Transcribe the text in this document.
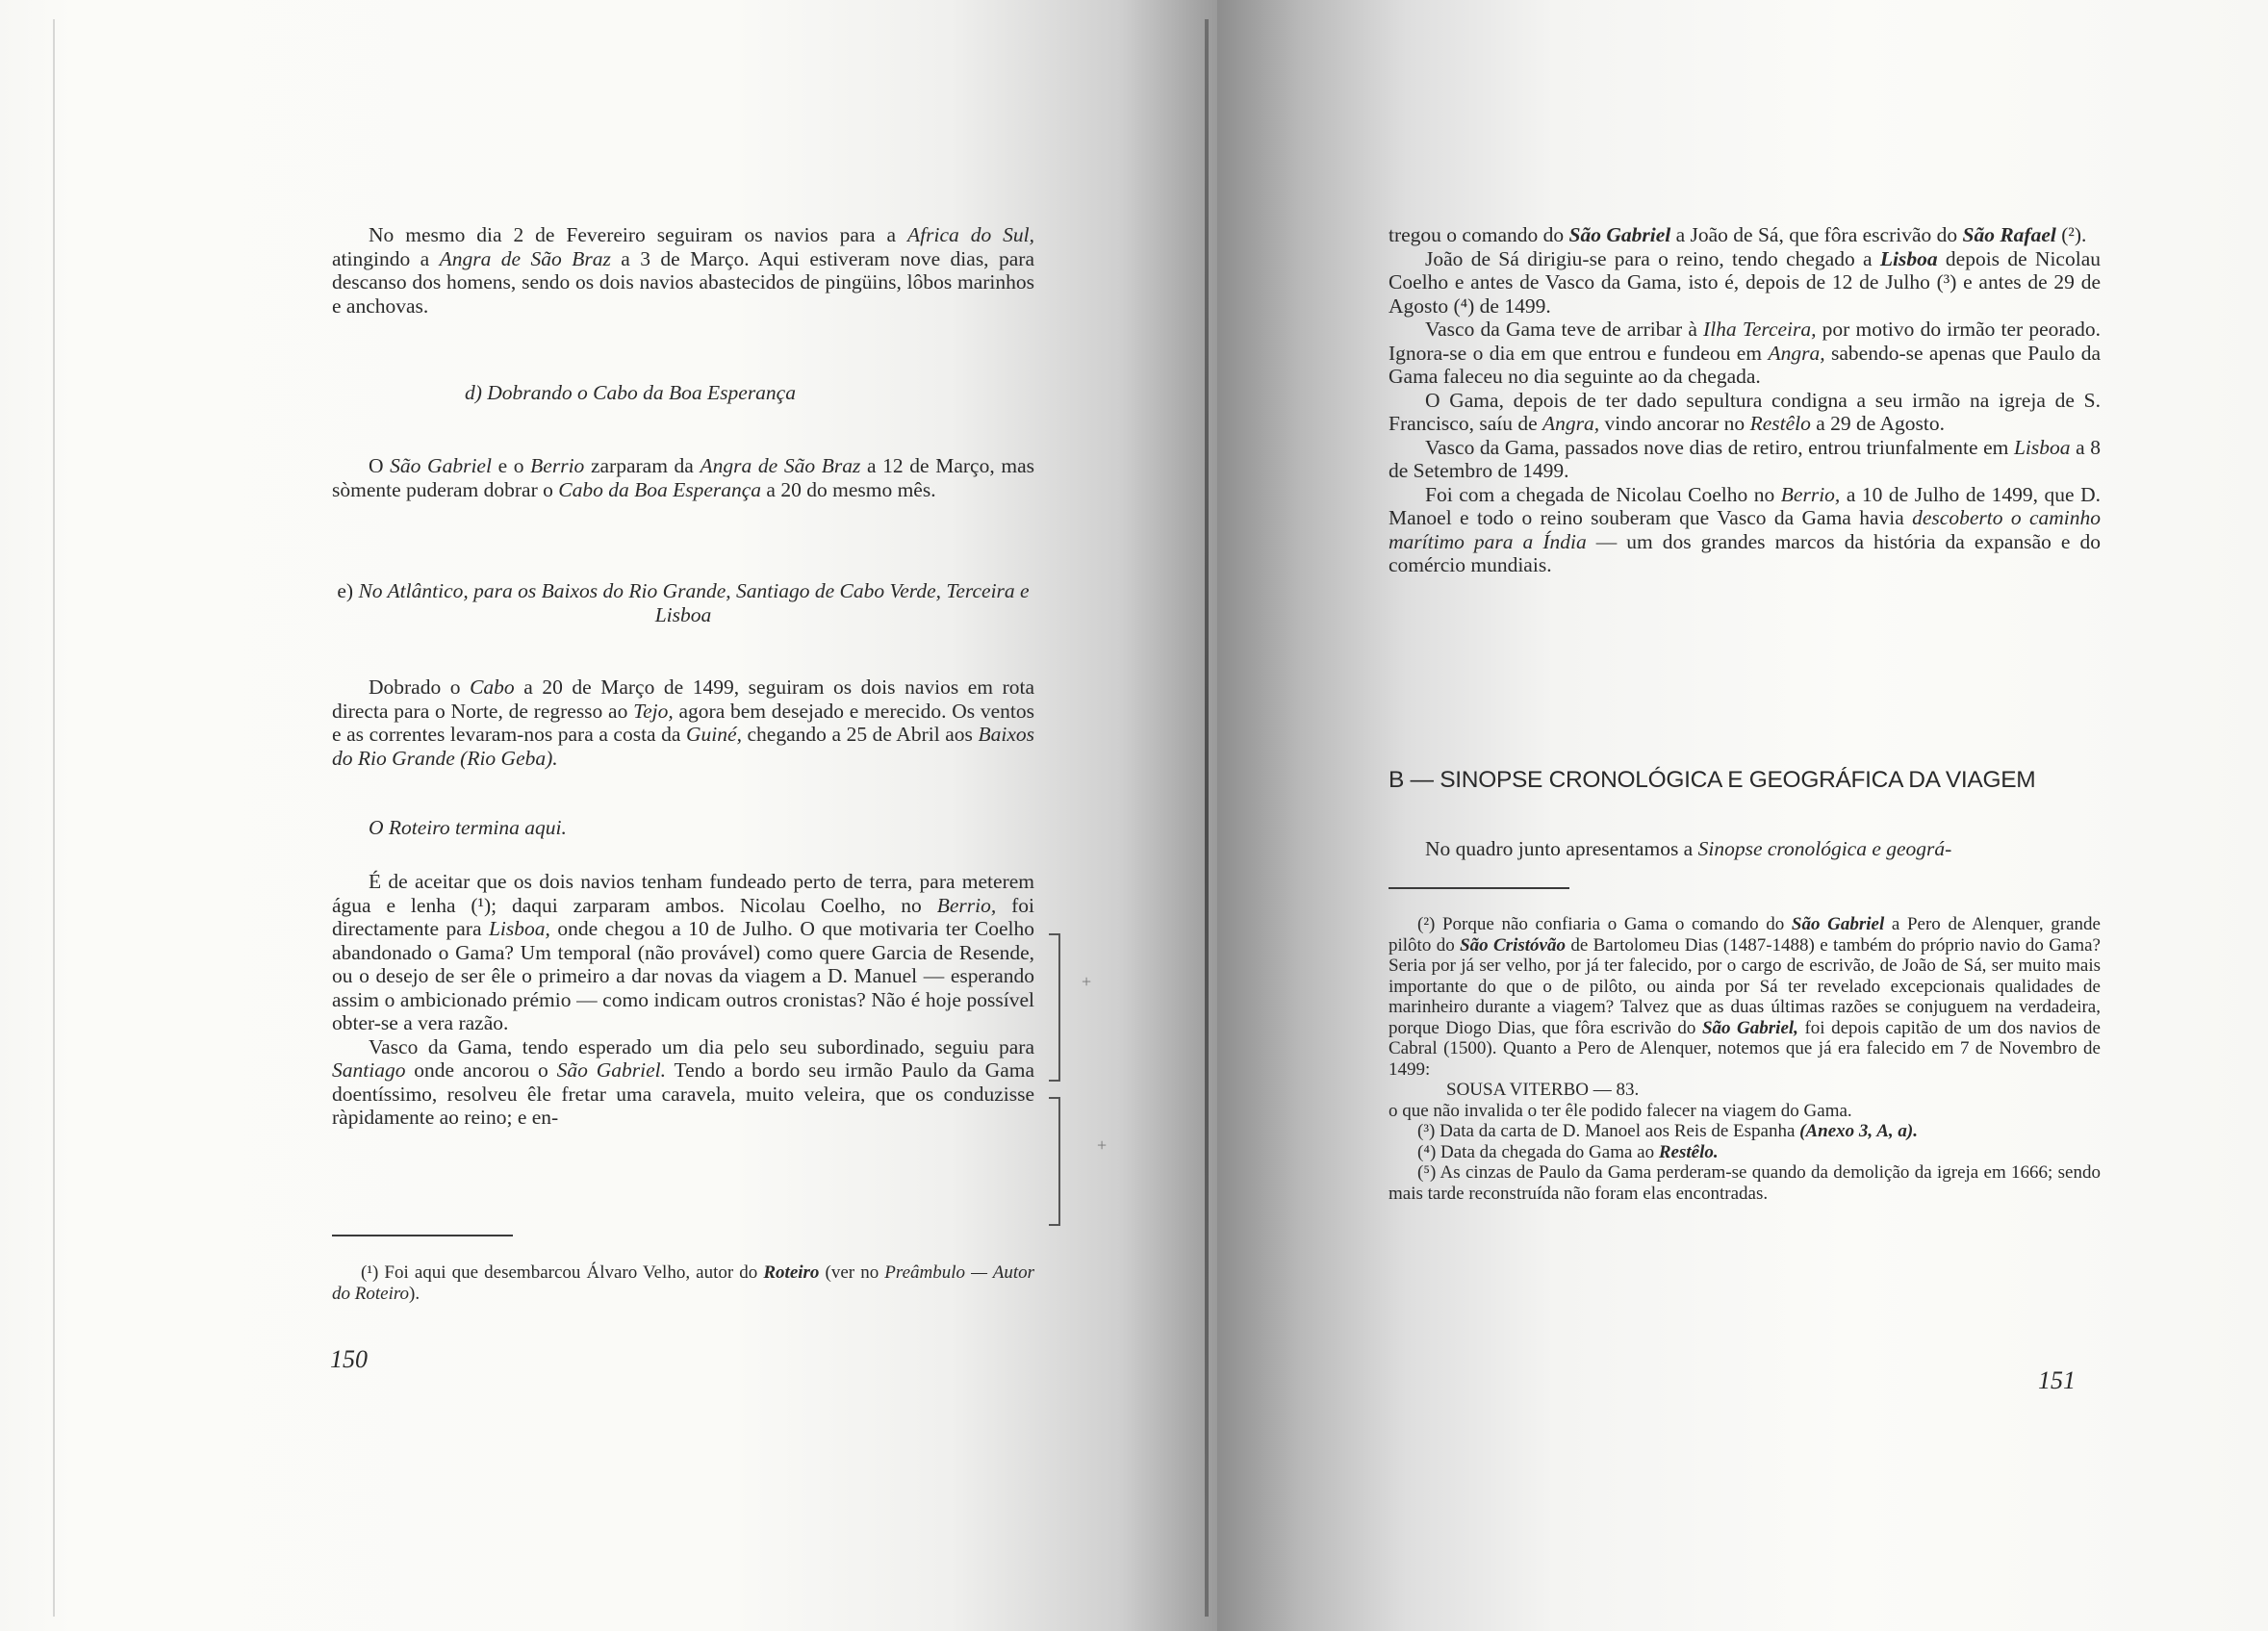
No mesmo dia 2 de Fevereiro seguiram os navios para a Africa do Sul, atingindo a Angra de São Braz a 3 de Março. Aqui estiveram nove dias, para descanso dos homens, sendo os dois navios abastecidos de pingüins, lôbos marinhos e anchovas.

d) Dobrando o Cabo da Boa Esperança

O São Gabriel e o Berrio zarparam da Angra de São Braz a 12 de Março, mas sòmente puderam dobrar o Cabo da Boa Esperança a 20 do mesmo mês.

e) No Atlântico, para os Baixos do Rio Grande, Santiago de Cabo Verde, Terceira e Lisboa

Dobrado o Cabo a 20 de Março de 1499, seguiram os dois navios em rota directa para o Norte, de regresso ao Tejo, agora bem desejado e merecido. Os ventos e as correntes levaram-nos para a costa da Guiné, chegando a 25 de Abril aos Baixos do Rio Grande (Rio Geba).

O Roteiro termina aqui.

É de aceitar que os dois navios tenham fundeado perto de terra, para meterem água e lenha (¹); daqui zarparam ambos. Nicolau Coelho, no Berrio, foi directamente para Lisboa, onde chegou a 10 de Julho. O que motivaria ter Coelho abandonado o Gama? Um temporal (não provável) como quere Garcia de Resende, ou o desejo de ser êle o primeiro a dar novas da viagem a D. Manuel — esperando assim o ambicionado prémio — como indicam outros cronistas? Não é hoje possível obter-se a vera razão.

Vasco da Gama, tendo esperado um dia pelo seu subordinado, seguiu para Santiago onde ancorou o São Gabriel. Tendo a bordo seu irmão Paulo da Gama doentíssimo, resolveu êle fretar uma caravela, muito veleira, que os conduzisse ràpidamente ao reino; e en-

+
+

(¹) Foi aqui que desembarcou Álvaro Velho, autor do Roteiro (ver no Preâmbulo — Autor do Roteiro).

150

tregou o comando do São Gabriel a João de Sá, que fôra escrivão do São Rafael (²).

João de Sá dirigiu-se para o reino, tendo chegado a Lisboa depois de Nicolau Coelho e antes de Vasco da Gama, isto é, depois de 12 de Julho (³) e antes de 29 de Agosto (⁴) de 1499.

Vasco da Gama teve de arribar à Ilha Terceira, por motivo do irmão ter peorado. Ignora-se o dia em que entrou e fundeou em Angra, sabendo-se apenas que Paulo da Gama faleceu no dia seguinte ao da chegada.

O Gama, depois de ter dado sepultura condigna a seu irmão na igreja de S. Francisco, saíu de Angra, vindo ancorar no Restêlo a 29 de Agosto.

Vasco da Gama, passados nove dias de retiro, entrou triunfalmente em Lisboa a 8 de Setembro de 1499.

Foi com a chegada de Nicolau Coelho no Berrio, a 10 de Julho de 1499, que D. Manoel e todo o reino souberam que Vasco da Gama havia descoberto o caminho marítimo para a Índia — um dos grandes marcos da história da expansão e do comércio mundiais.

B — SINOPSE CRONOLÓGICA E GEOGRÁFICA DA VIAGEM

No quadro junto apresentamos a Sinopse cronológica e geográ-

(²) Porque não confiaria o Gama o comando do São Gabriel a Pero de Alenquer, grande pilôto do São Cristóvão de Bartolomeu Dias (1487-1488) e também do próprio navio do Gama? Seria por já ser velho, por já ter falecido, por o cargo de escrivão, de João de Sá, ser muito mais importante do que o de pilôto, ou ainda por Sá ter revelado excepcionais qualidades de marinheiro durante a viagem? Talvez que as duas últimas razões se conjuguem na verdadeira, porque Diogo Dias, que fôra escrivão do São Gabriel, foi depois capitão de um dos navios de Cabral (1500). Quanto a Pero de Alenquer, notemos que já era falecido em 7 de Novembro de 1499:

SOUSA VITERBO — 83.

o que não invalida o ter êle podido falecer na viagem do Gama.

(³) Data da carta de D. Manoel aos Reis de Espanha (Anexo 3, A, a).

(⁴) Data da chegada do Gama ao Restêlo.

(⁵) As cinzas de Paulo da Gama perderam-se quando da demolição da igreja em 1666; sendo mais tarde reconstruída não foram elas encontradas.

151
